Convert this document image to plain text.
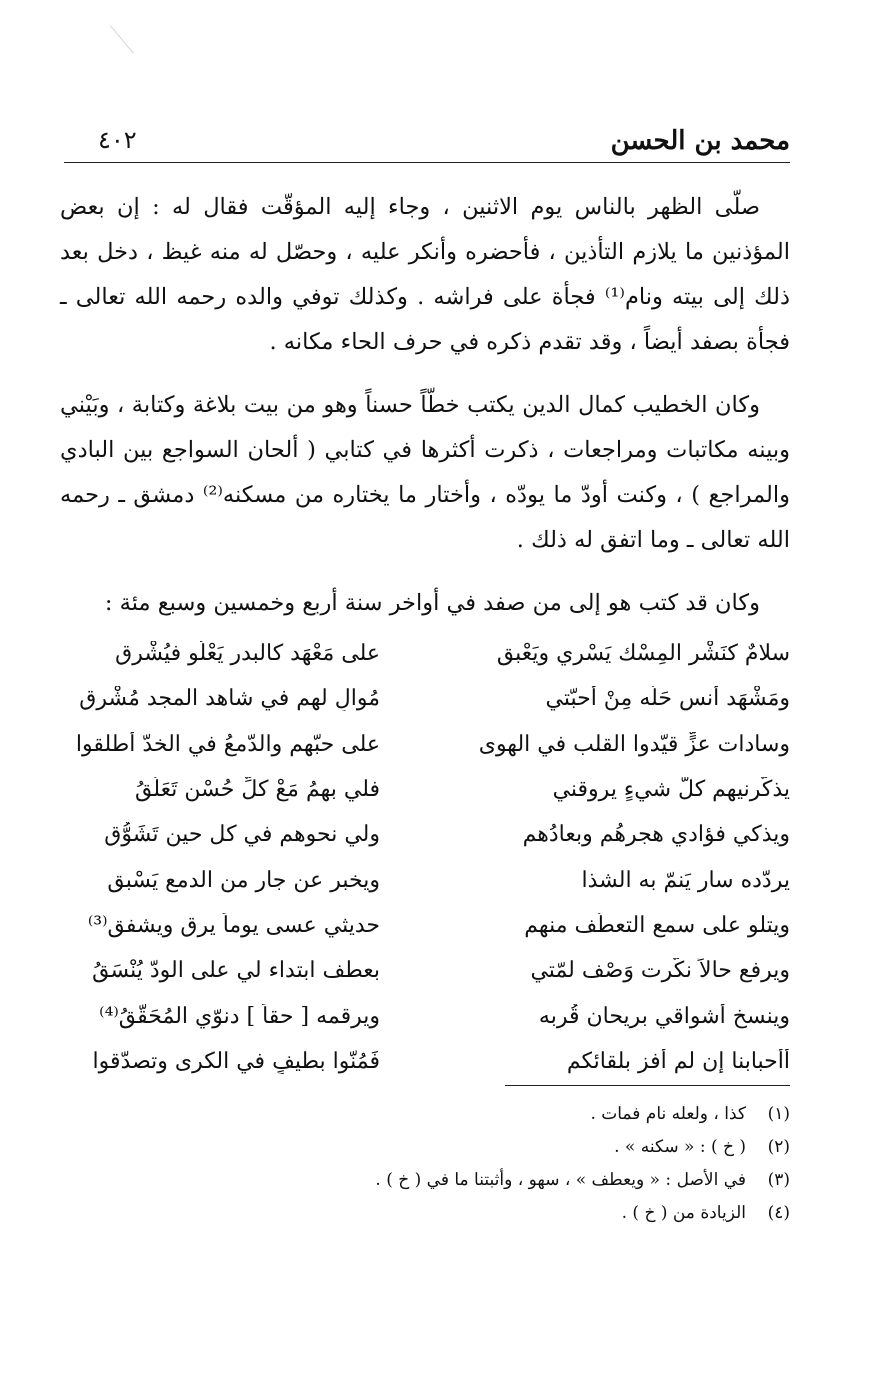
محمد بن الحسن
٤٠٢

صلّى الظهر بالناس يوم الاثنين ، وجاء إليه المؤقّت فقال له : إن بعض المؤذنين ما يلازم التأذين ، فأحضره وأنكر عليه ، وحصّل له منه غيظ ، دخل بعد ذلك إلى بيته ونام⁽¹⁾ فجأة على فراشه . وكذلك توفي والده رحمه الله تعالى ـ فجأة بصفد أيضاً ، وقد تقدم ذكره في حرف الحاء مكانه .

وكان الخطيب كمال الدين يكتب خطّاً حسناً وهو من بيت بلاغة وكتابة ، وبَيْني وبينه مكاتبات ومراجعات ، ذكرت أكثرها في كتابي ( ألحان السواجع بين البادي والمراجع ) ، وكنت أودّ ما يودّه ، وأختار ما يختاره من مسكنه⁽²⁾ دمشق ـ رحمه الله تعالى ـ وما اتفق له ذلك .

وكان قد كتب هو إلى من صفد في أواخر سنة أربع وخمسين وسبع مئة :

سلامٌ كنَشْر المِسْك يَسْري ويَعْبق
على مَعْهَد كالبدر يَعْلُو فيُشْرِق
ومَشْهَد أُنسٍ حَلّه مِنْ أحبّتي
مُوالٍ لهم في شاهد المجد مُشْرِق
وسادات عزٍّ قيّدوا القلب في الهوى
على حبّهم والدّمعُ في الخدّ أطلقوا
يذكّرنيهم كلُّ شيءٍ يروقني
فلي بهمُ مَعْ كلِّ حُسْنٍ تَعَلُّقُ
ويذكي فؤادي هجرهُم وبعادُهم
ولي نحوهم في كل حين تَشَوُّق
يردّده سارٍ يَنمّ به الشذا
ويخبر عن جار من الدمع يَسْبق
ويتلو على سمع التعطّف منهم
حديثي عسى يوماً يرق ويشفق⁽³⁾
ويرفع حالاً نكّرت وَصْف لمّتي
بعطف ابتداء لي على الودّ يُنْسَقُ
وينسخ أشواقي بريحان قُربه
ويرقمه [ حقاً ] دنوّي المُحَقَّقُ⁽⁴⁾
أأحبابنا إن لم أفز بلقائكم
فَمُنّوا بطيفٍ في الكرى وتصدّقوا
(١)
كذا ، ولعله نام فمات .
(٢)
( خ ) : « سكنه » .
(٣)
في الأصل : « ويعطف » ، سهو ، وأثبتنا ما في ( خ ) .
(٤)
الزيادة من ( خ ) .
